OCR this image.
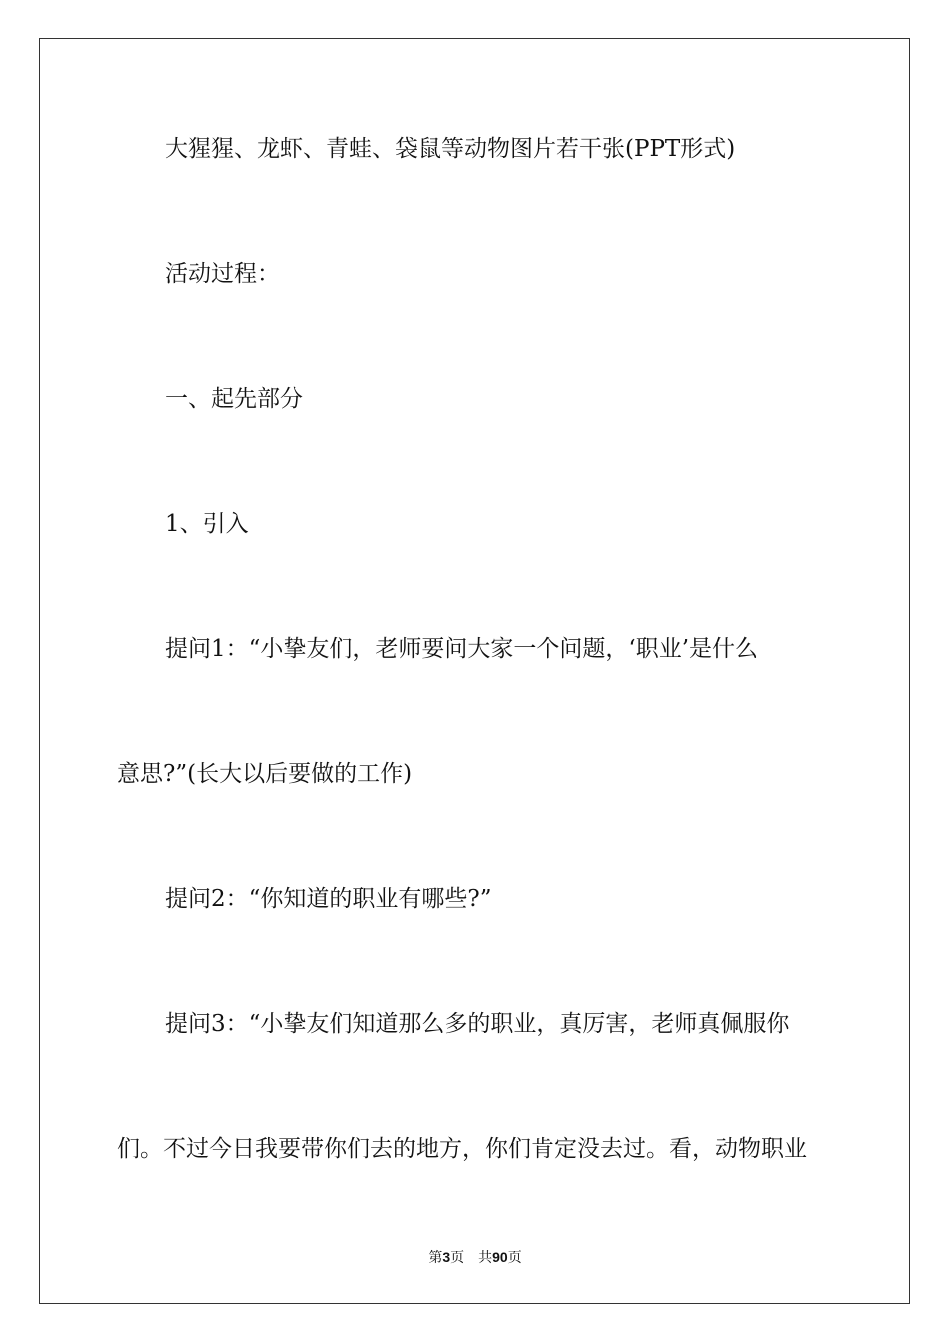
大猩猩、龙虾、青蛙、袋鼠等动物图片若干张(PPT形式)

活动过程：

一、起先部分

1、引入

提问1：“小挚友们，老师要问大家一个问题，‘职业’是什么

意思?”(长大以后要做的工作)

提问2：“你知道的职业有哪些?”

提问3：“小挚友们知道那么多的职业，真厉害，老师真佩服你

们。不过今日我要带你们去的地方，你们肯定没去过。看，动物职业

第3页 共90页
